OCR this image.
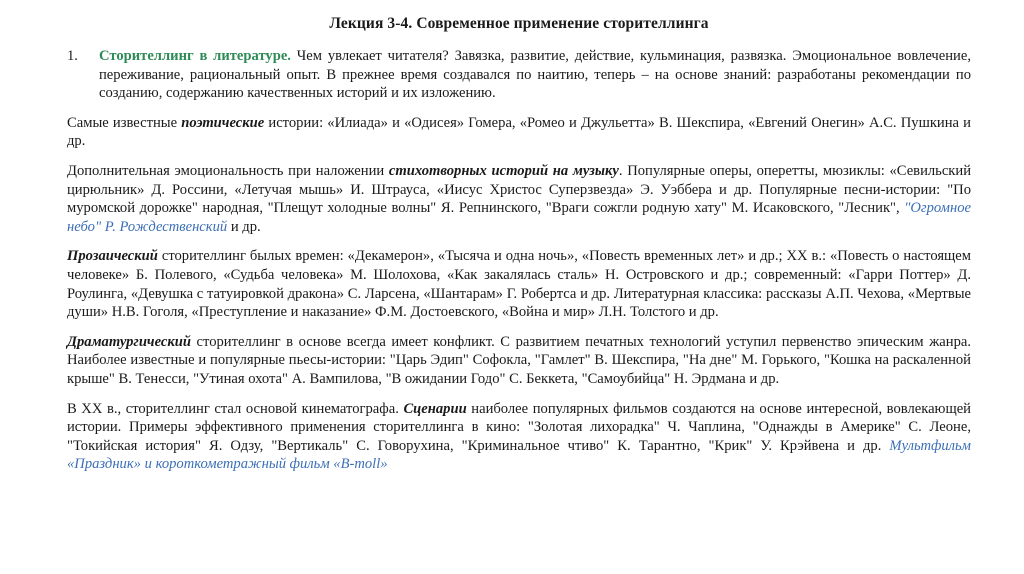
Лекция 3-4. Современное применение сторителлинга

1. Сторителлинг в литературе. Чем увлекает читателя? Завязка, развитие, действие, кульминация, развязка. Эмоциональное вовлечение, переживание, рациональный опыт. В прежнее время создавался по наитию, теперь – на основе знаний: разработаны рекомендации по созданию, содержанию качественных историй и их изложению.

Самые известные поэтические истории: «Илиада» и «Одисея» Гомера, «Ромео и Джульетта» В. Шекспира, «Евгений Онегин» А.С. Пушкина и др.

Дополнительная эмоциональность при наложении стихотворных историй на музыку. Популярные оперы, оперетты, мюзиклы: «Севильский цирюльник» Д. Россини, «Летучая мышь» И. Штрауса, «Иисус Христос Суперзвезда» Э. Уэббера и др. Популярные песни-истории: "По муромской дорожке" народная, "Плещут холодные волны" Я. Репнинского, "Враги сожгли родную хату" М. Исаковского, "Лесник", "Огромное небо" Р. Рождественский и др.

Прозаический сторителлинг былых времен: «Декамерон», «Тысяча и одна ночь», «Повесть временных лет» и др.; XX в.: «Повесть о настоящем человеке» Б. Полевого, «Судьба человека» М. Шолохова, «Как закалялась сталь» Н. Островского и др.; современный: «Гарри Поттер» Д. Роулинга, «Девушка с татуировкой дракона» С. Ларсена, «Шантарам» Г. Робертса и др. Литературная классика: рассказы А.П. Чехова, «Мертвые души» Н.В. Гоголя, «Преступление и наказание» Ф.М. Достоевского, «Война и мир» Л.Н. Толстого и др.

Драматургический сторителлинг в основе всегда имеет конфликт. С развитием печатных технологий уступил первенство эпическим жанра. Наиболее известные и популярные пьесы-истории: "Царь Эдип" Софокла, "Гамлет" В. Шекспира, "На дне" М. Горького, "Кошка на раскаленной крыше" В. Тенесси, "Утиная охота" А. Вампилова, "В ожидании Годо" С. Беккета, "Самоубийца" Н. Эрдмана и др.

В XX в., сторителлинг стал основой кинематографа. Сценарии наиболее популярных фильмов создаются на основе интересной, вовлекающей истории. Примеры эффективного применения сторителлинга в кино: "Золотая лихорадка" Ч. Чаплина, "Однажды в Америке" С. Леоне, "Токийская история" Я. Одзу, "Вертикаль" С. Говорухина, "Криминальное чтиво" К. Тарантно, "Крик" У. Крэйвена и др. Мультфильм «Праздник» и короткометражный фильм «B-moll»
